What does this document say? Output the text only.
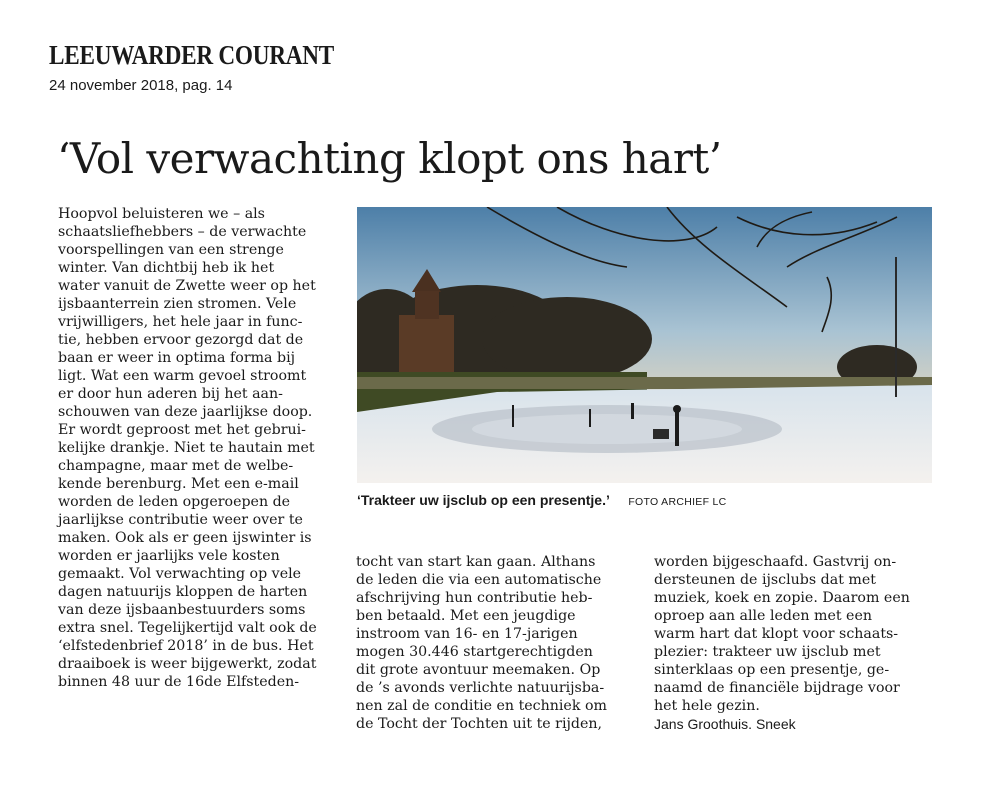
LEEUWARDER COURANT
24 november 2018, pag. 14
‘Vol verwachting klopt ons hart’
Hoopvol beluisteren we – als
schaatsliefhebbers – de verwachte
voorspellingen van een strenge
winter. Van dichtbij heb ik het
water vanuit de Zwette weer op het
ijsbaanterrein zien stromen. Vele
vrijwilligers, het hele jaar in func-
tie, hebben ervoor gezorgd dat de
baan er weer in optima forma bij
ligt. Wat een warm gevoel stroomt
er door hun aderen bij het aan-
schouwen van deze jaarlijkse doop.
Er wordt geproost met het gebrui-
kelijke drankje. Niet te hautain met
champagne, maar met de welbe-
kende berenburg. Met een e-mail
worden de leden opgeroepen de
jaarlijkse contributie weer over te
maken. Ook als er geen ijswinter is
worden er jaarlijks vele kosten
gemaakt. Vol verwachting op vele
dagen natuurijs kloppen de harten
van deze ijsbaanbestuurders soms
extra snel. Tegelijkertijd valt ook de
‘elfstedenbrief 2018’ in de bus. Het
draaiboek is weer bijgewerkt, zodat
binnen 48 uur de 16de Elfsteden-
‘Trakteer uw ijsclub op een presentje.’ FOTO ARCHIEF LC
tocht van start kan gaan. Althans
de leden die via een automatische
afschrijving hun contributie heb-
ben betaald. Met een jeugdige
instroom van 16- en 17-jarigen
mogen 30.446 startgerechtigden
dit grote avontuur meemaken. Op
de ’s avonds verlichte natuurijsba-
nen zal de conditie en techniek om
de Tocht der Tochten uit te rijden,
worden bijgeschaafd. Gastvrij on-
dersteunen de ijsclubs dat met
muziek, koek en zopie. Daarom een
oproep aan alle leden met een
warm hart dat klopt voor schaats-
plezier: trakteer uw ijsclub met
sinterklaas op een presentje, ge-
naamd de financiële bijdrage voor
het hele gezin.
Jans Groothuis. Sneek
